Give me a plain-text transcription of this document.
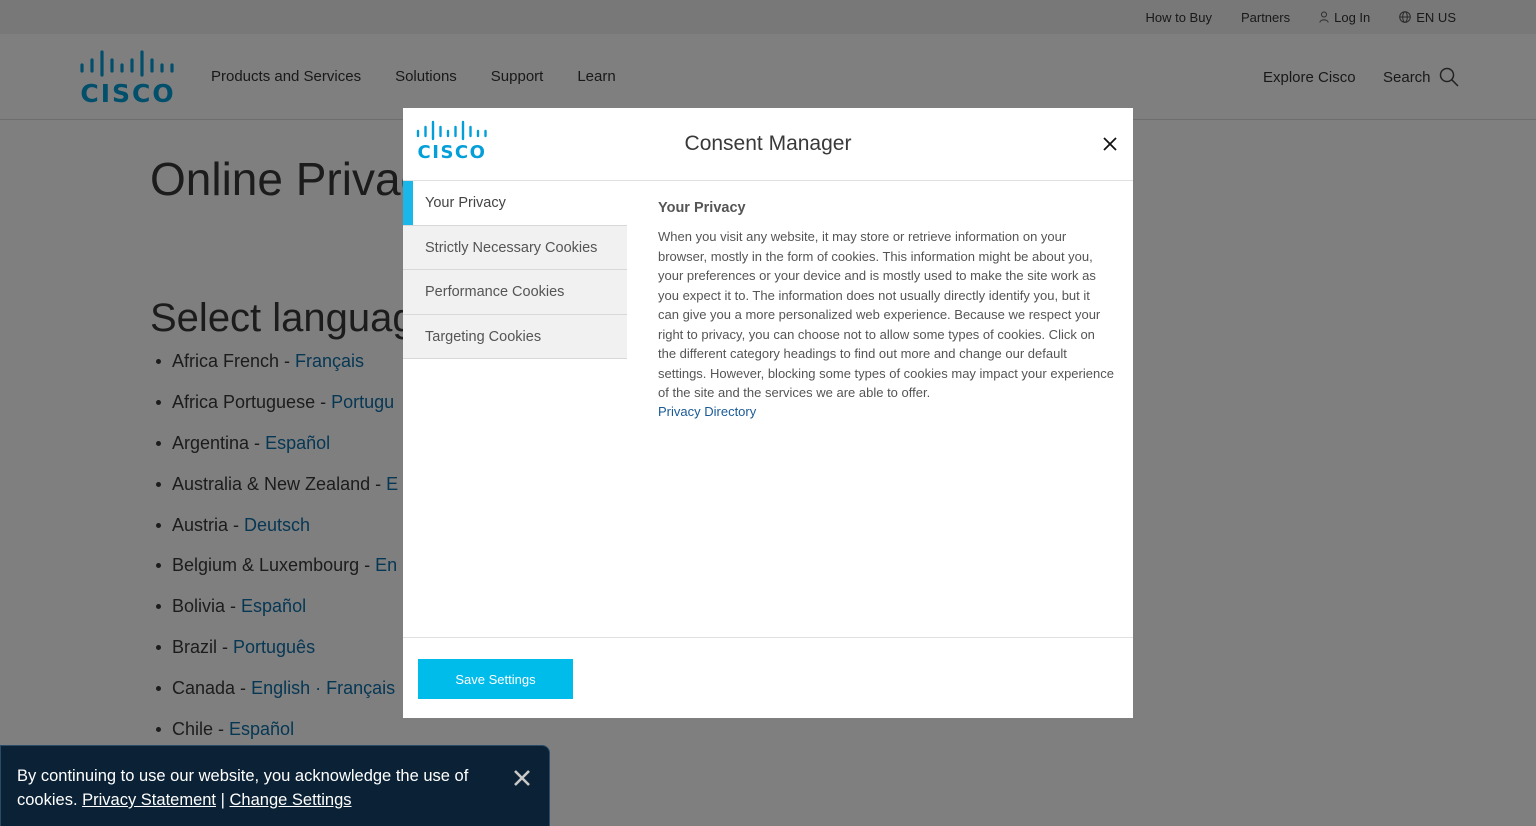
CISCO	Consent Manager
Your Privacy
Strictly Necessary Cookies
Performance Cookies
Targeting Cookies
Your Privacy

When you visit any website, it may store or retrieve information on your browser, mostly in the form of cookies. This information might be about you, your preferences or your device and is mostly used to make the site work as you expect it to. The information does not usually directly identify you, but it can give you a more personalized web experience. Because we respect your right to privacy, you can choose not to allow some types of cookies. Click on the different category headings to find out more and change our default settings. However, blocking some types of cookies may impact your experience of the site and the services we are able to offer.

Privacy Directory
Save Settings
By continuing to use our website, you acknowledge the use of cookies. Privacy Statement | Change Settings
